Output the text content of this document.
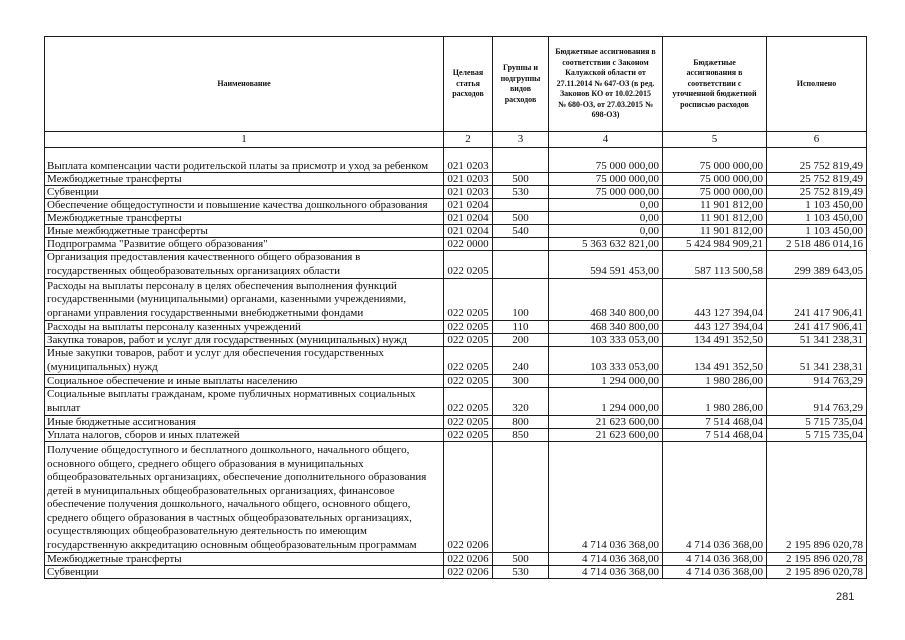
Наименование	Целевая статья расходов	Группы и подгруппы видов расходов	Бюджетные ассигнования в соответствии с Законом Калужской области от 27.11.2014 № 647-ОЗ (в ред. Законов КО от 10.02.2015 № 680-ОЗ, от 27.03.2015 № 698-ОЗ)	Бюджетные ассигнования в соответствии с уточненной бюджетной росписью расходов	Исполнено
1	2	3	4	5	6
Выплата компенсации части родительской платы за присмотр и уход за ребенком	021 0203		75 000 000,00	75 000 000,00	25 752 819,49
Межбюджетные трансферты	021 0203	500	75 000 000,00	75 000 000,00	25 752 819,49
Субвенции	021 0203	530	75 000 000,00	75 000 000,00	25 752 819,49
Обеспечение общедоступности и повышение качества дошкольного образования	021 0204		0,00	11 901 812,00	1 103 450,00
Межбюджетные трансферты	021 0204	500	0,00	11 901 812,00	1 103 450,00
Иные межбюджетные трансферты	021 0204	540	0,00	11 901 812,00	1 103 450,00
Подпрограмма "Развитие общего образования"	022 0000		5 363 632 821,00	5 424 984 909,21	2 518 486 014,16
Организация предоставления качественного общего образования в государственных общеобразовательных организациях области	022 0205		594 591 453,00	587 113 500,58	299 389 643,05
Расходы на выплаты персоналу в целях обеспечения выполнения функций государственными (муниципальными) органами, казенными учреждениями, органами управления государственными внебюджетными фондами	022 0205	100	468 340 800,00	443 127 394,04	241 417 906,41
Расходы на выплаты персоналу казенных учреждений	022 0205	110	468 340 800,00	443 127 394,04	241 417 906,41
Закупка товаров, работ и услуг для государственных (муниципальных) нужд	022 0205	200	103 333 053,00	134 491 352,50	51 341 238,31
Иные закупки товаров, работ и услуг для обеспечения государственных (муниципальных) нужд	022 0205	240	103 333 053,00	134 491 352,50	51 341 238,31
Социальное обеспечение и иные выплаты населению	022 0205	300	1 294 000,00	1 980 286,00	914 763,29
Социальные выплаты гражданам, кроме публичных нормативных социальных выплат	022 0205	320	1 294 000,00	1 980 286,00	914 763,29
Иные бюджетные ассигнования	022 0205	800	21 623 600,00	7 514 468,04	5 715 735,04
Уплата налогов, сборов и иных платежей	022 0205	850	21 623 600,00	7 514 468,04	5 715 735,04
Получение общедоступного и бесплатного дошкольного, начального общего, основного общего, среднего общего образования в муниципальных общеобразовательных организациях, обеспечение дополнительного образования детей в муниципальных общеобразовательных организациях, финансовое обеспечение получения дошкольного, начального общего, основного общего, среднего общего образования в частных общеобразовательных организациях, осуществляющих общеобразовательную деятельность по имеющим государственную аккредитацию основным общеобразовательным программам	022 0206		4 714 036 368,00	4 714 036 368,00	2 195 896 020,78
Межбюджетные трансферты	022 0206	500	4 714 036 368,00	4 714 036 368,00	2 195 896 020,78
Субвенции	022 0206	530	4 714 036 368,00	4 714 036 368,00	2 195 896 020,78
281
